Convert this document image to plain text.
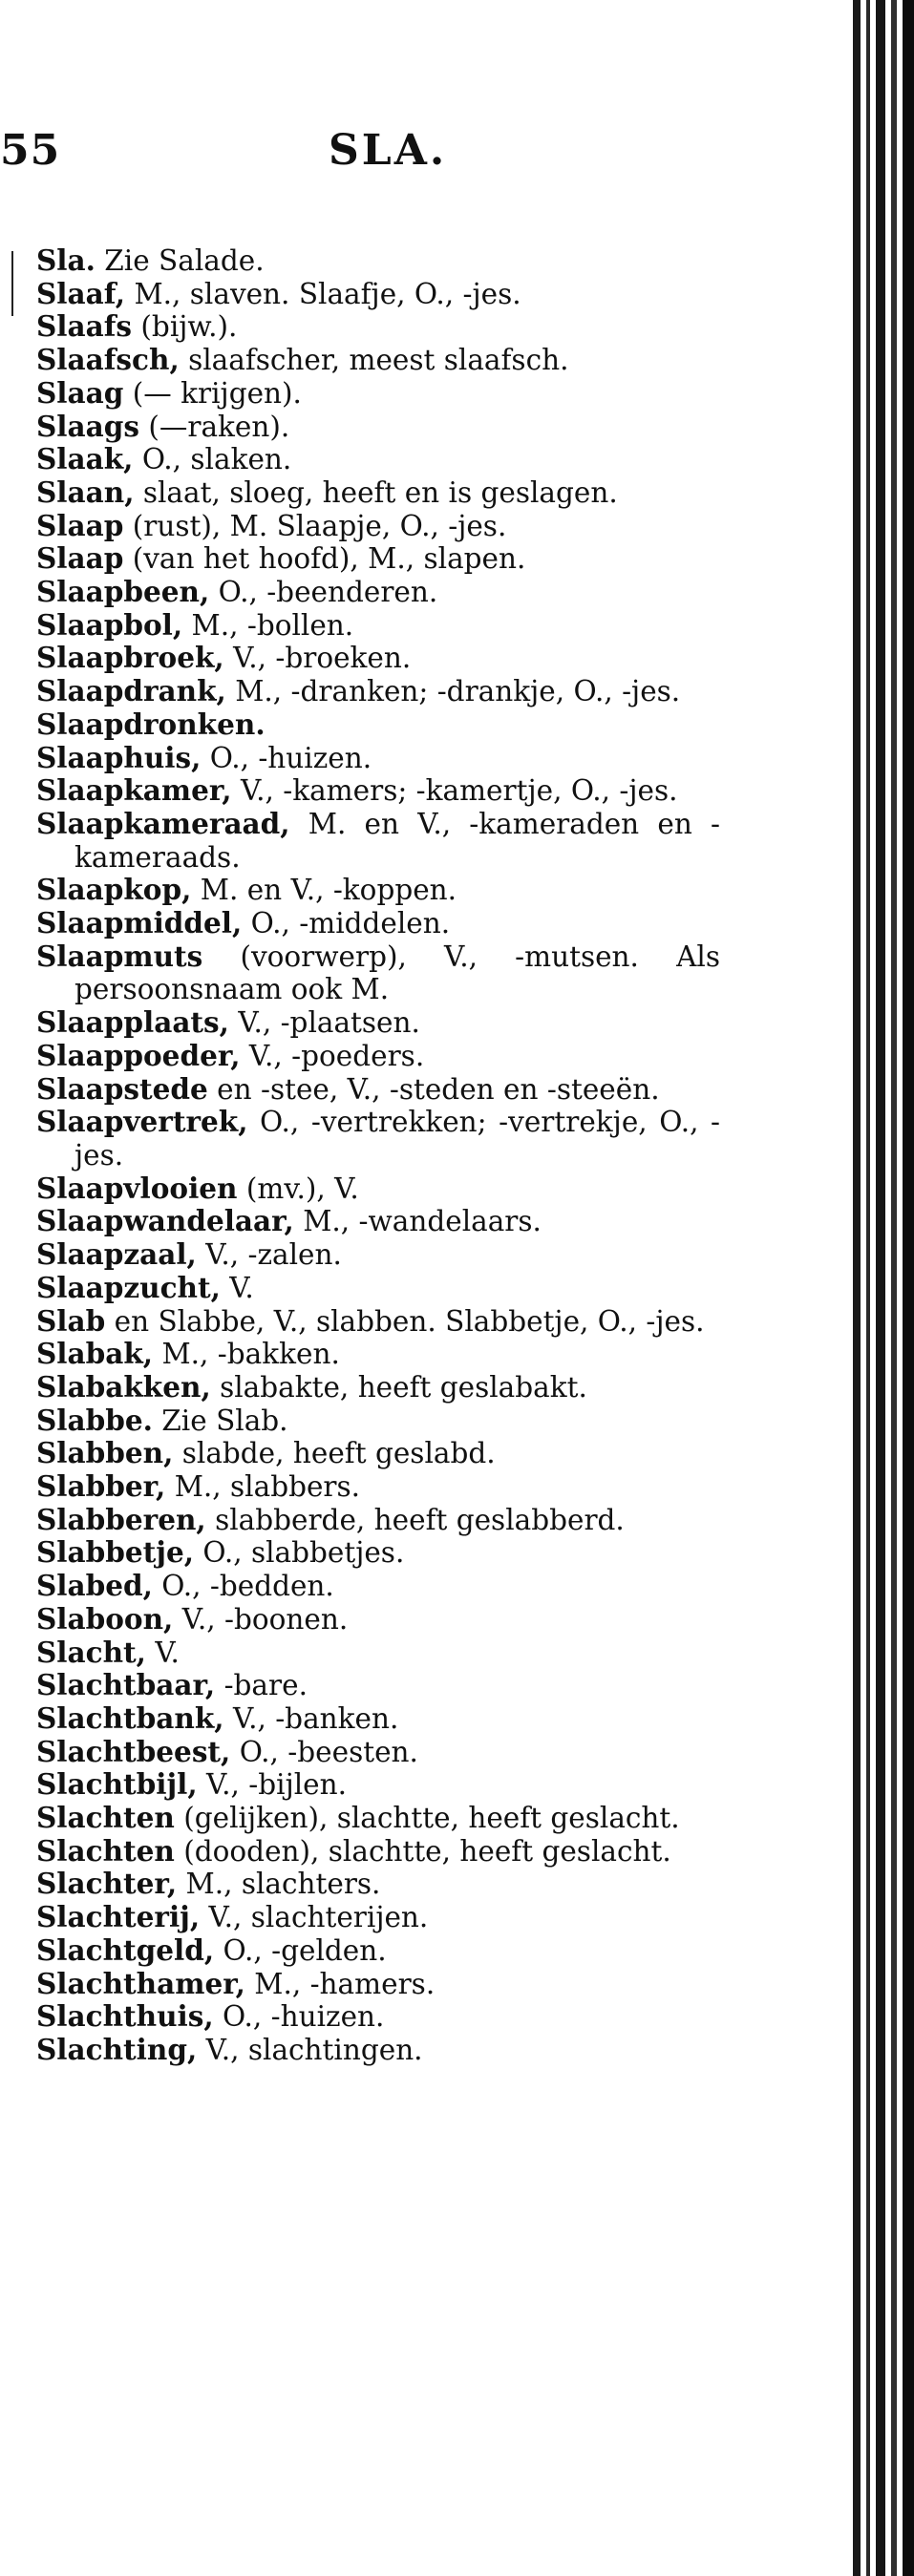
55	SLA.
Sla. Zie Salade.
Slaaf, M., slaven. Slaafje, O., -jes.
Slaafs (bijw.).
Slaafsch, slaafscher, meest slaafsch.
Slaag (— krijgen).
Slaags (—raken).
Slaak, O., slaken.
Slaan, slaat, sloeg, heeft en is geslagen.
Slaap (rust), M. Slaapje, O., -jes.
Slaap (van het hoofd), M., slapen.
Slaapbeen, O., -beenderen.
Slaapbol, M., -bollen.
Slaapbroek, V., -broeken.
Slaapdrank, M., -dranken; -drankje, O., -jes.
Slaapdronken.
Slaaphuis, O., -huizen.
Slaapkamer, V., -kamers; -kamertje, O., -jes.
Slaapkameraad, M. en V., -kameraden en -kameraads.
Slaapkop, M. en V., -koppen.
Slaapmiddel, O., -middelen.
Slaapmuts (voorwerp), V., -mutsen. Als persoonsnaam ook M.
Slaapplaats, V., -plaatsen.
Slaappoeder, V., -poeders.
Slaapstede en -stee, V., -steden en -steeën.
Slaapvertrek, O., -vertrekken; -vertrekje, O., -jes.
Slaapvlooien (mv.), V.
Slaapwandelaar, M., -wandelaars.
Slaapzaal, V., -zalen.
Slaapzucht, V.
Slab en Slabbe, V., slabben. Slabbetje, O., -jes.
Slabak, M., -bakken.
Slabakken, slabakte, heeft geslabakt.
Slabbe. Zie Slab.
Slabben, slabde, heeft geslabd.
Slabber, M., slabbers.
Slabberen, slabberde, heeft geslabberd.
Slabbetje, O., slabbetjes.
Slabed, O., -bedden.
Slaboon, V., -boonen.
Slacht, V.
Slachtbaar, -bare.
Slachtbank, V., -banken.
Slachtbeest, O., -beesten.
Slachtbijl, V., -bijlen.
Slachten (gelijken), slachtte, heeft geslacht.
Slachten (dooden), slachtte, heeft geslacht.
Slachter, M., slachters.
Slachterij, V., slachterijen.
Slachtgeld, O., -gelden.
Slachthamer, M., -hamers.
Slachthuis, O., -huizen.
Slachting, V., slachtingen.
